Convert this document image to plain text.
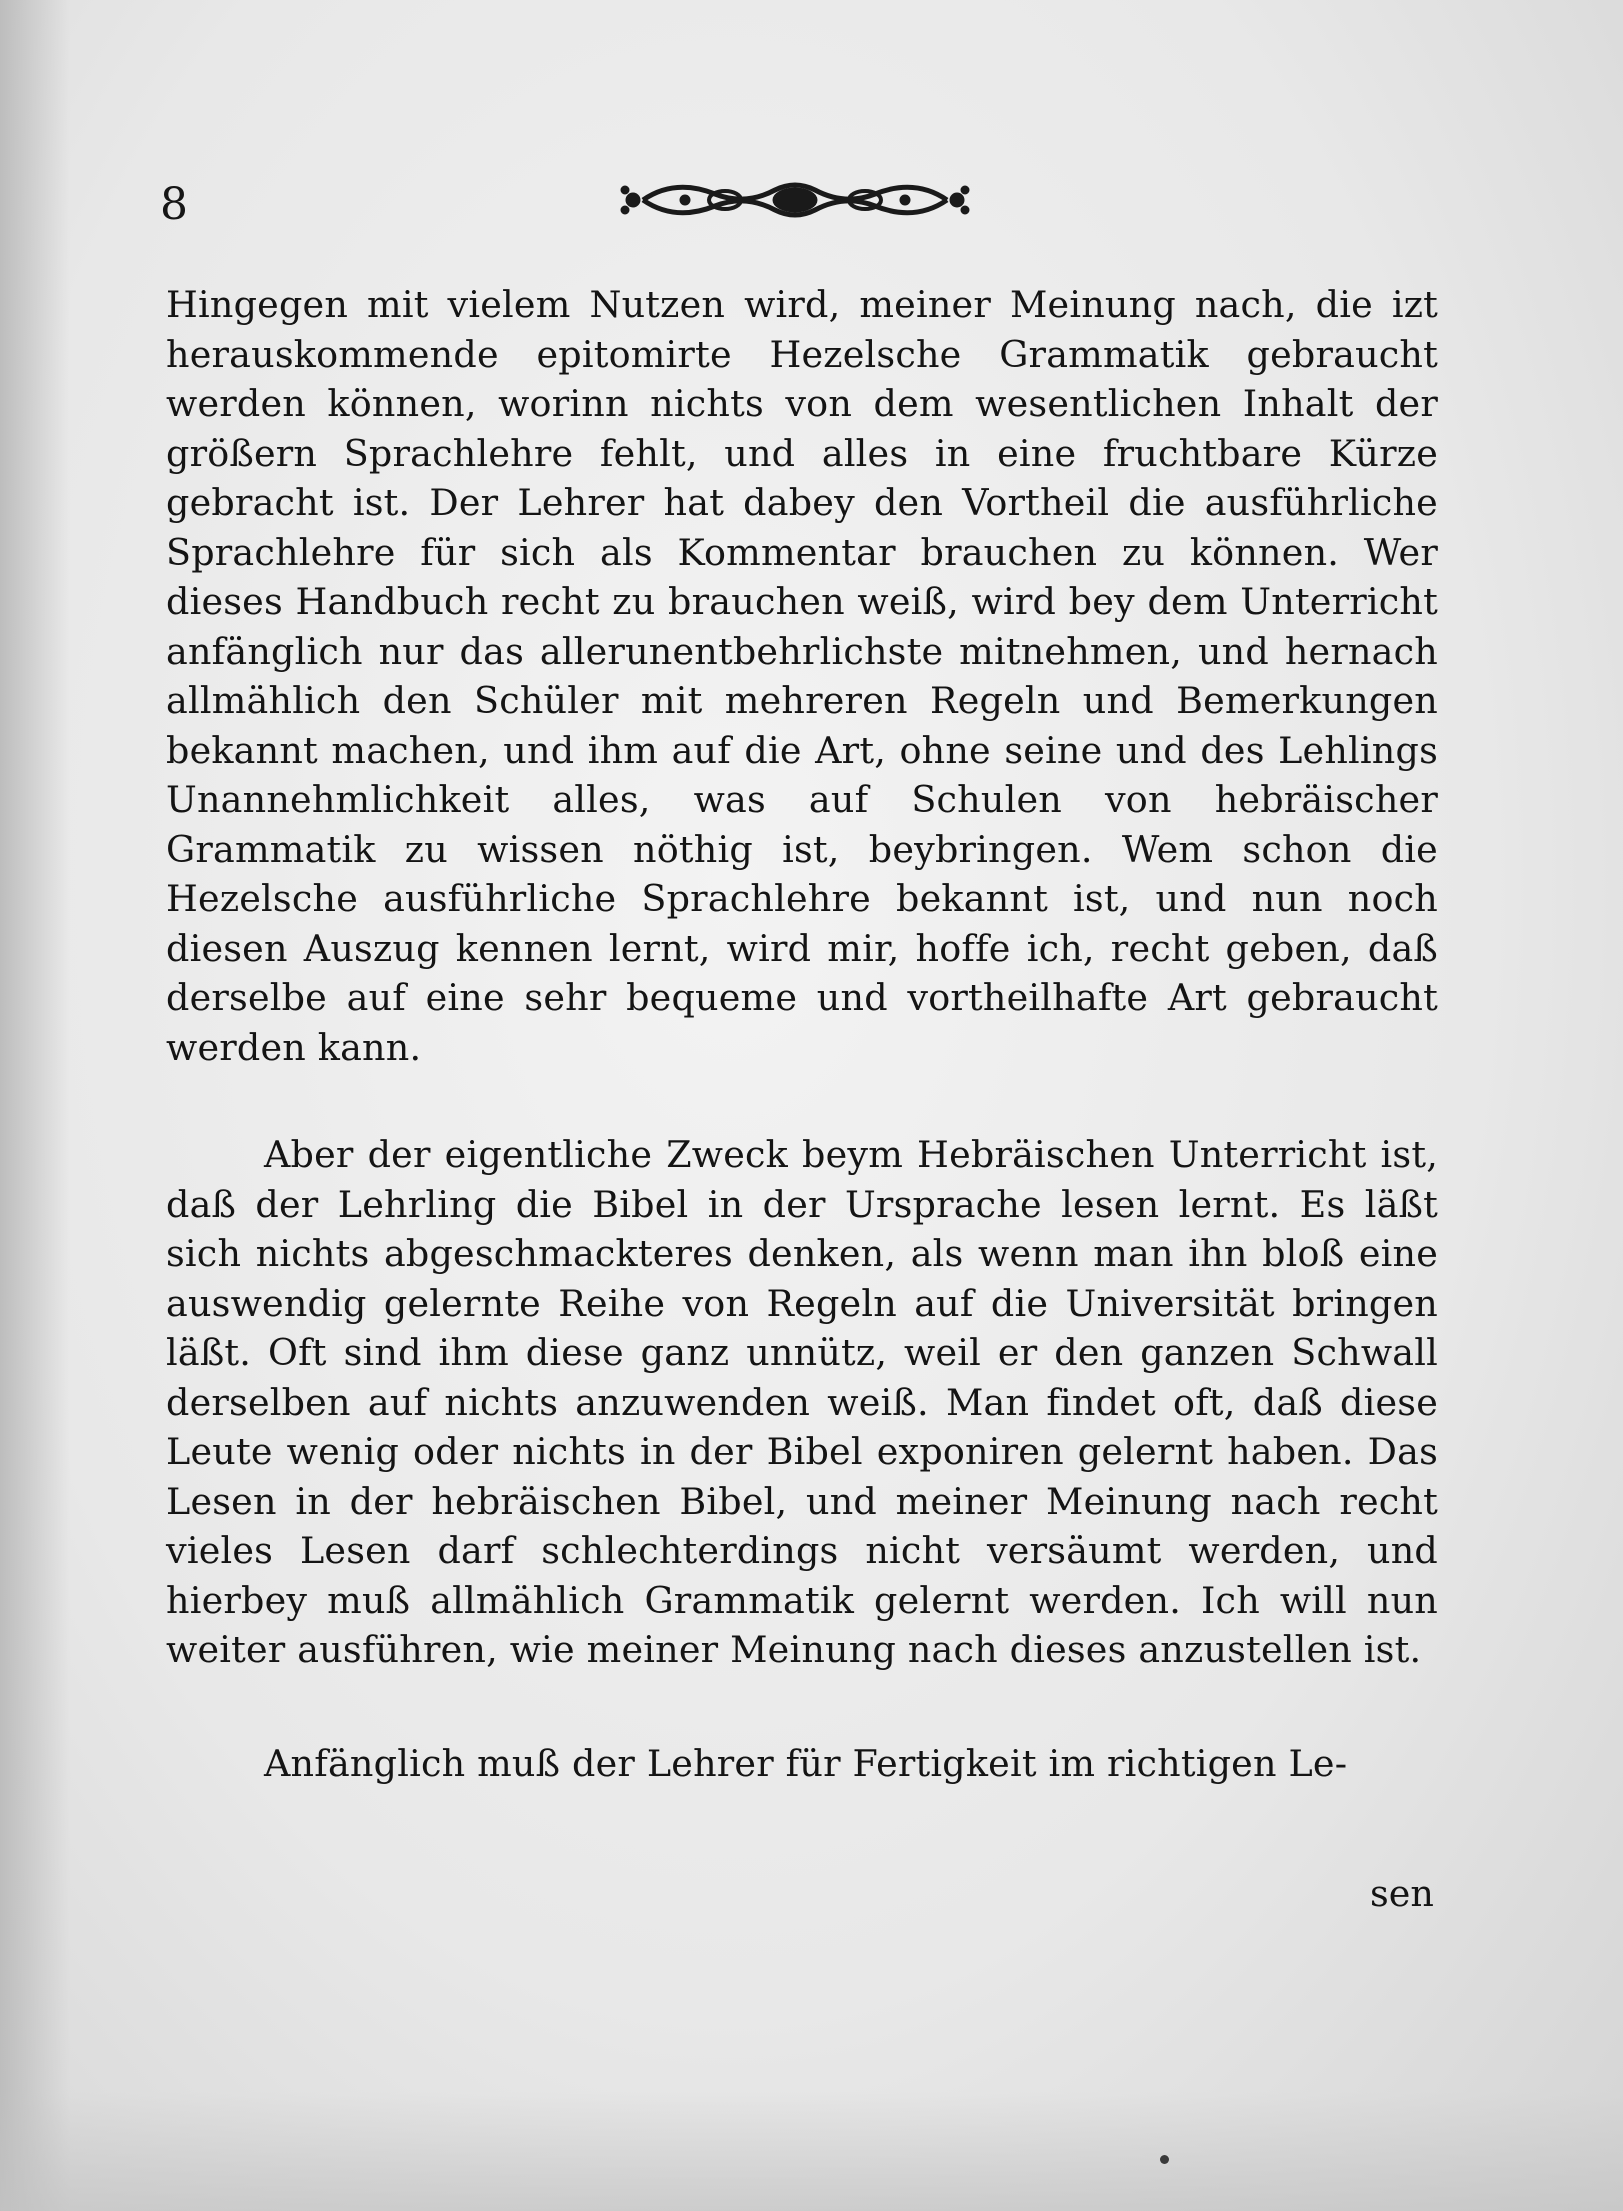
8

Hingegen mit vielem Nutzen wird, meiner Meinung nach, die izt herauskommende epitomirte Hezelsche Grammatik gebraucht werden können, worinn nichts von dem wesentlichen Inhalt der größern Sprachlehre fehlt, und alles in eine fruchtbare Kürze gebracht ist. Der Lehrer hat dabey den Vortheil die ausführliche Sprachlehre für sich als Kommentar brauchen zu können. Wer dieses Handbuch recht zu brauchen weiß, wird bey dem Unterricht anfänglich nur das allerunentbehrlichste mitnehmen, und hernach allmählich den Schüler mit mehreren Regeln und Bemerkungen bekannt machen, und ihm auf die Art, ohne seine und des Lehlings Unannehmlichkeit alles, was auf Schulen von hebräischer Grammatik zu wissen nöthig ist, beybringen. Wem schon die Hezelsche ausführliche Sprachlehre bekannt ist, und nun noch diesen Auszug kennen lernt, wird mir, hoffe ich, recht geben, daß derselbe auf eine sehr bequeme und vortheilhafte Art gebraucht werden kann.

Aber der eigentliche Zweck beym Hebräischen Unterricht ist, daß der Lehrling die Bibel in der Ursprache lesen lernt. Es läßt sich nichts abgeschmackteres denken, als wenn man ihn bloß eine auswendig gelernte Reihe von Regeln auf die Universität bringen läßt. Oft sind ihm diese ganz unnütz, weil er den ganzen Schwall derselben auf nichts anzuwenden weiß. Man findet oft, daß diese Leute wenig oder nichts in der Bibel exponiren gelernt haben. Das Lesen in der hebräischen Bibel, und meiner Meinung nach recht vieles Lesen darf schlechterdings nicht versäumt werden, und hierbey muß allmählich Grammatik gelernt werden. Ich will nun weiter ausführen, wie meiner Meinung nach dieses anzustellen ist.

Anfänglich muß der Lehrer für Fertigkeit im richtigen Le-

sen
